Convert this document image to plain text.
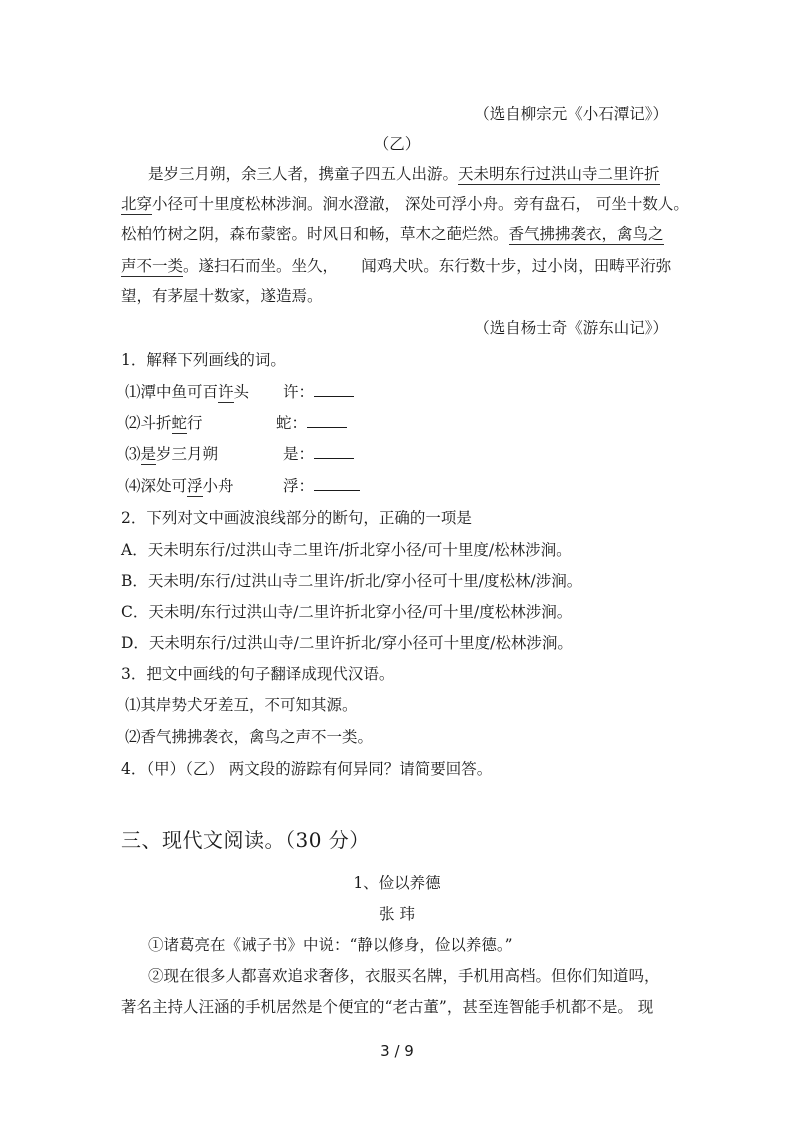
（选自柳宗元《小石潭记》）
（乙）
是岁三月朔，余三人者，携童子四五人出游。天未明东行过洪山寺二里许折
北穿小径可十里度松林涉涧。涧水澄澈， 深处可浮小舟。旁有盘石， 可坐十数人。
松柏竹树之阴，森布蒙密。时风日和畅，草木之葩烂然。香气拂拂袭衣，禽鸟之
声不一类。遂扫石而坐。坐久，　　闻鸡犬吠。东行数十步，过小岗，田畴平洐弥
望，有茅屋十数家，遂造焉。
（选自杨士奇《游东山记》）
1．解释下列画线的词。
⑴潭中鱼可百许头 许：
⑵斗折蛇行	蛇：
⑶是岁三月朔	是：
⑷深处可浮小舟	浮：
2．下列对文中画波浪线部分的断句，正确的一项是
A．天未明东行/过洪山寺二里许/折北穿小径/可十里度/松林涉涧。
B．天未明/东行/过洪山寺二里许/折北/穿小径可十里/度松林/涉涧。
C．天未明/东行过洪山寺/二里许折北穿小径/可十里/度松林涉涧。
D．天未明东行/过洪山寺/二里许折北/穿小径可十里度/松林涉涧。
3．把文中画线的句子翻译成现代汉语。
⑴其岸势犬牙差互，不可知其源。
⑵香气拂拂袭衣，禽鸟之声不一类。
4．（甲）（乙） 两文段的游踪有何异同？请简要回答。
三、现代文阅读。（30 分）
1、俭以养德
张 玮
①诸葛亮在《诫子书》中说：“静以修身，俭以养德。”
②现在很多人都喜欢追求奢侈，衣服买名牌，手机用高档。但你们知道吗，
著名主持人汪涵的手机居然是个便宜的“老古董”，甚至连智能手机都不是。 现
3 / 9
